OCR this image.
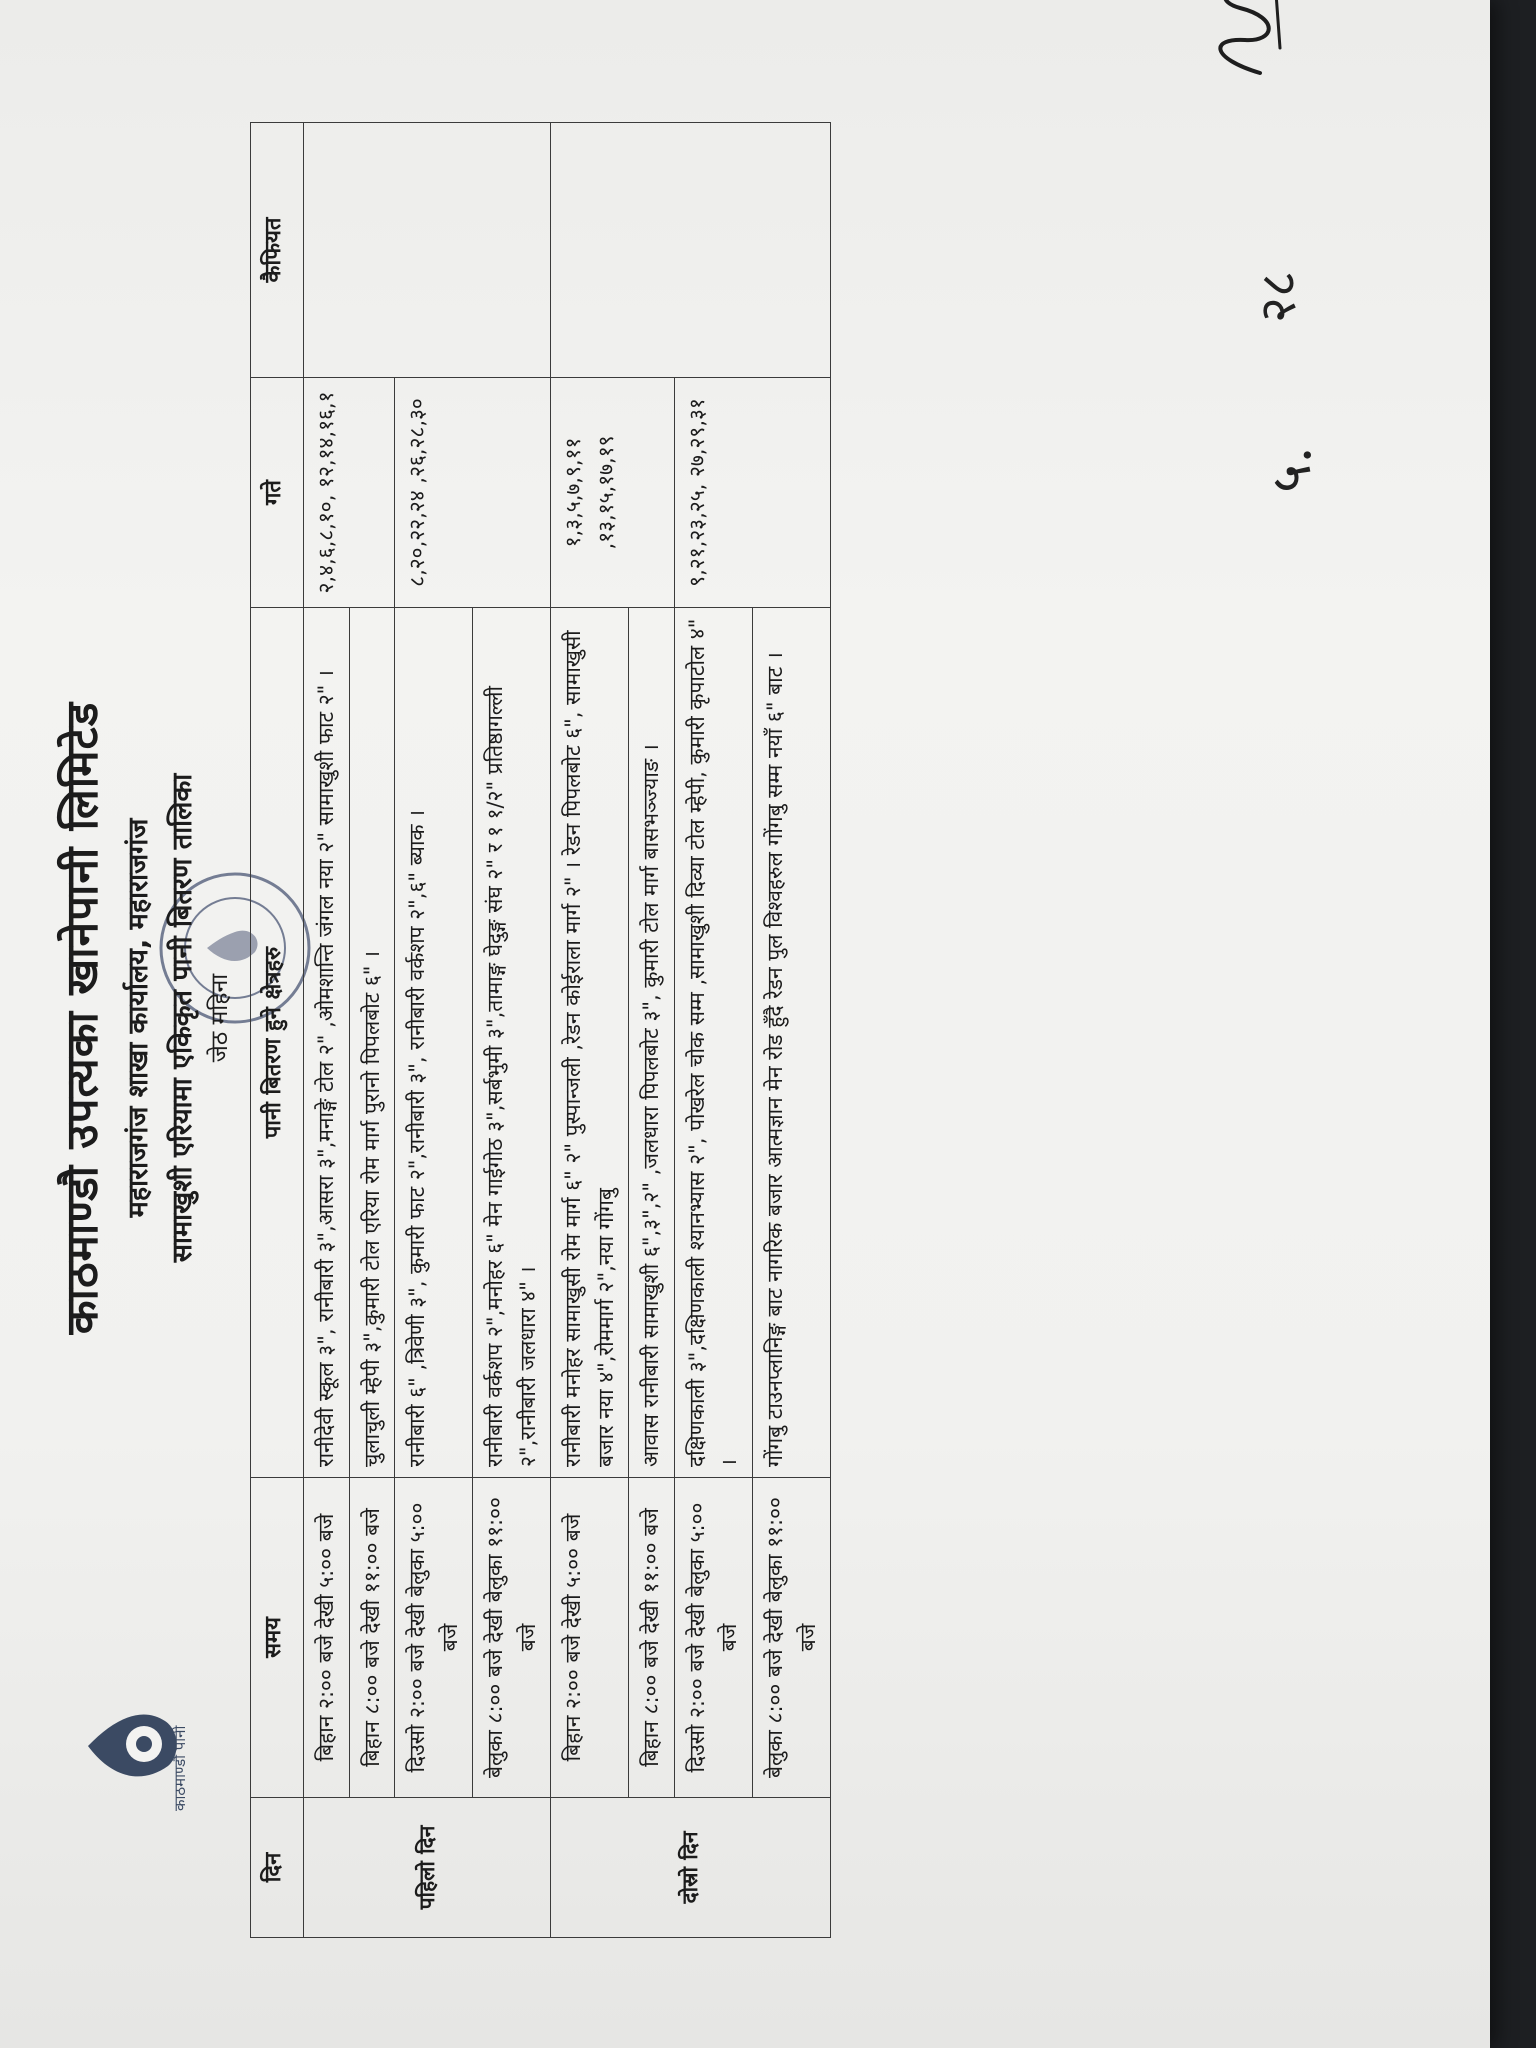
काठमाण्डौ पानी
काठमाण्डौ उपत्यका खानेपानी लिमिटेड महाराजगंज शाखा कार्यालय, महाराजगंज सामाखुशी एरियामा एकिकृत पानी बितरण तालिका जेठ महिना
दिन	समय	पानी बितरण हुने क्षेत्रहरु	गते	कैफियत
पहिलो दिन	बिहान २:०० बजे देखी ५:०० बजे	रानीदेवी स्कूल ३", रानीबारी ३",आसरा ३",मनाङ्गे टोल २" ,ओमशान्ति जंगल नया २" सामाखुशी फाट २" ।	२,४,६,८,१०, १२,१४,१६,१	
	बिहान ८:०० बजे देखी ११:०० बजे	चुलाचुली म्हेपी ३",कुमारी टोल एरिया रोम मार्ग पुरानो पिपलबोट ६" ।		
	दिउसो २:०० बजे देखी बेलुका ५:०० बजे	रानीबारी ६" ,त्रिवेणी ३", कुमारी फाट २",रानीबारी ३", रानीबारी वर्कशप २",६" ब्याक ।	८,२०,२२,२४ ,२६,२८,३०	
	बेलुका ८:०० बजे देखी बेलुका ११:०० बजे	रानीबारी वर्कशप २",मनोहर ६" मेन गाईगोठ ३",सर्बभुमी ३",तामाङ्ग घेदुङ्ग संघ २" र १ १/२" प्रतिष्ठागल्ली २",रानीबारी जलधारा ४" ।		
दोस्रो दिन	बिहान २:०० बजे देखी ५:०० बजे	रानीबारी मनोहर सामाखुसी रोम मार्ग ६" २" पुस्पान्जली ,रेडन कोईराला मार्ग २" । रेडन पिपलबोट ६", सामाखुसी बजार नया ४",रोममार्ग २",नया गोंगबु	१,३,५,७,९,११ ,१३,१५,१७,१९	
	बिहान ८:०० बजे देखी ११:०० बजे	आवास रानीबारी सामाखुशी ६",३",२" ,जलधारा पिपलबोट ३", कुमारी टोल मार्ग बासभञ्ज्याङ ।		
	दिउसो २:०० बजे देखी बेलुका ५:०० बजे	दक्षिणकाली ३",दक्षिणकाली श्यानभ्यास २", पोखरेल चोक सम्म ,सामाखुशी दिव्या टोल म्हेपी, कुमारी कृपाटोल ४" ।	९,२१,२३,२५, २७,२९,३१	
	बेलुका ८:०० बजे देखी बेलुका ११:०० बजे	गोंगबु टाउनप्लानिङ्ग बाट नागरिक बजार आत्मज्ञान मेन रोड हुँदै रेडन पुल विश्वहरुल गोंगबु सम्म नयाँ ६" बाट ।		
५.
२८
